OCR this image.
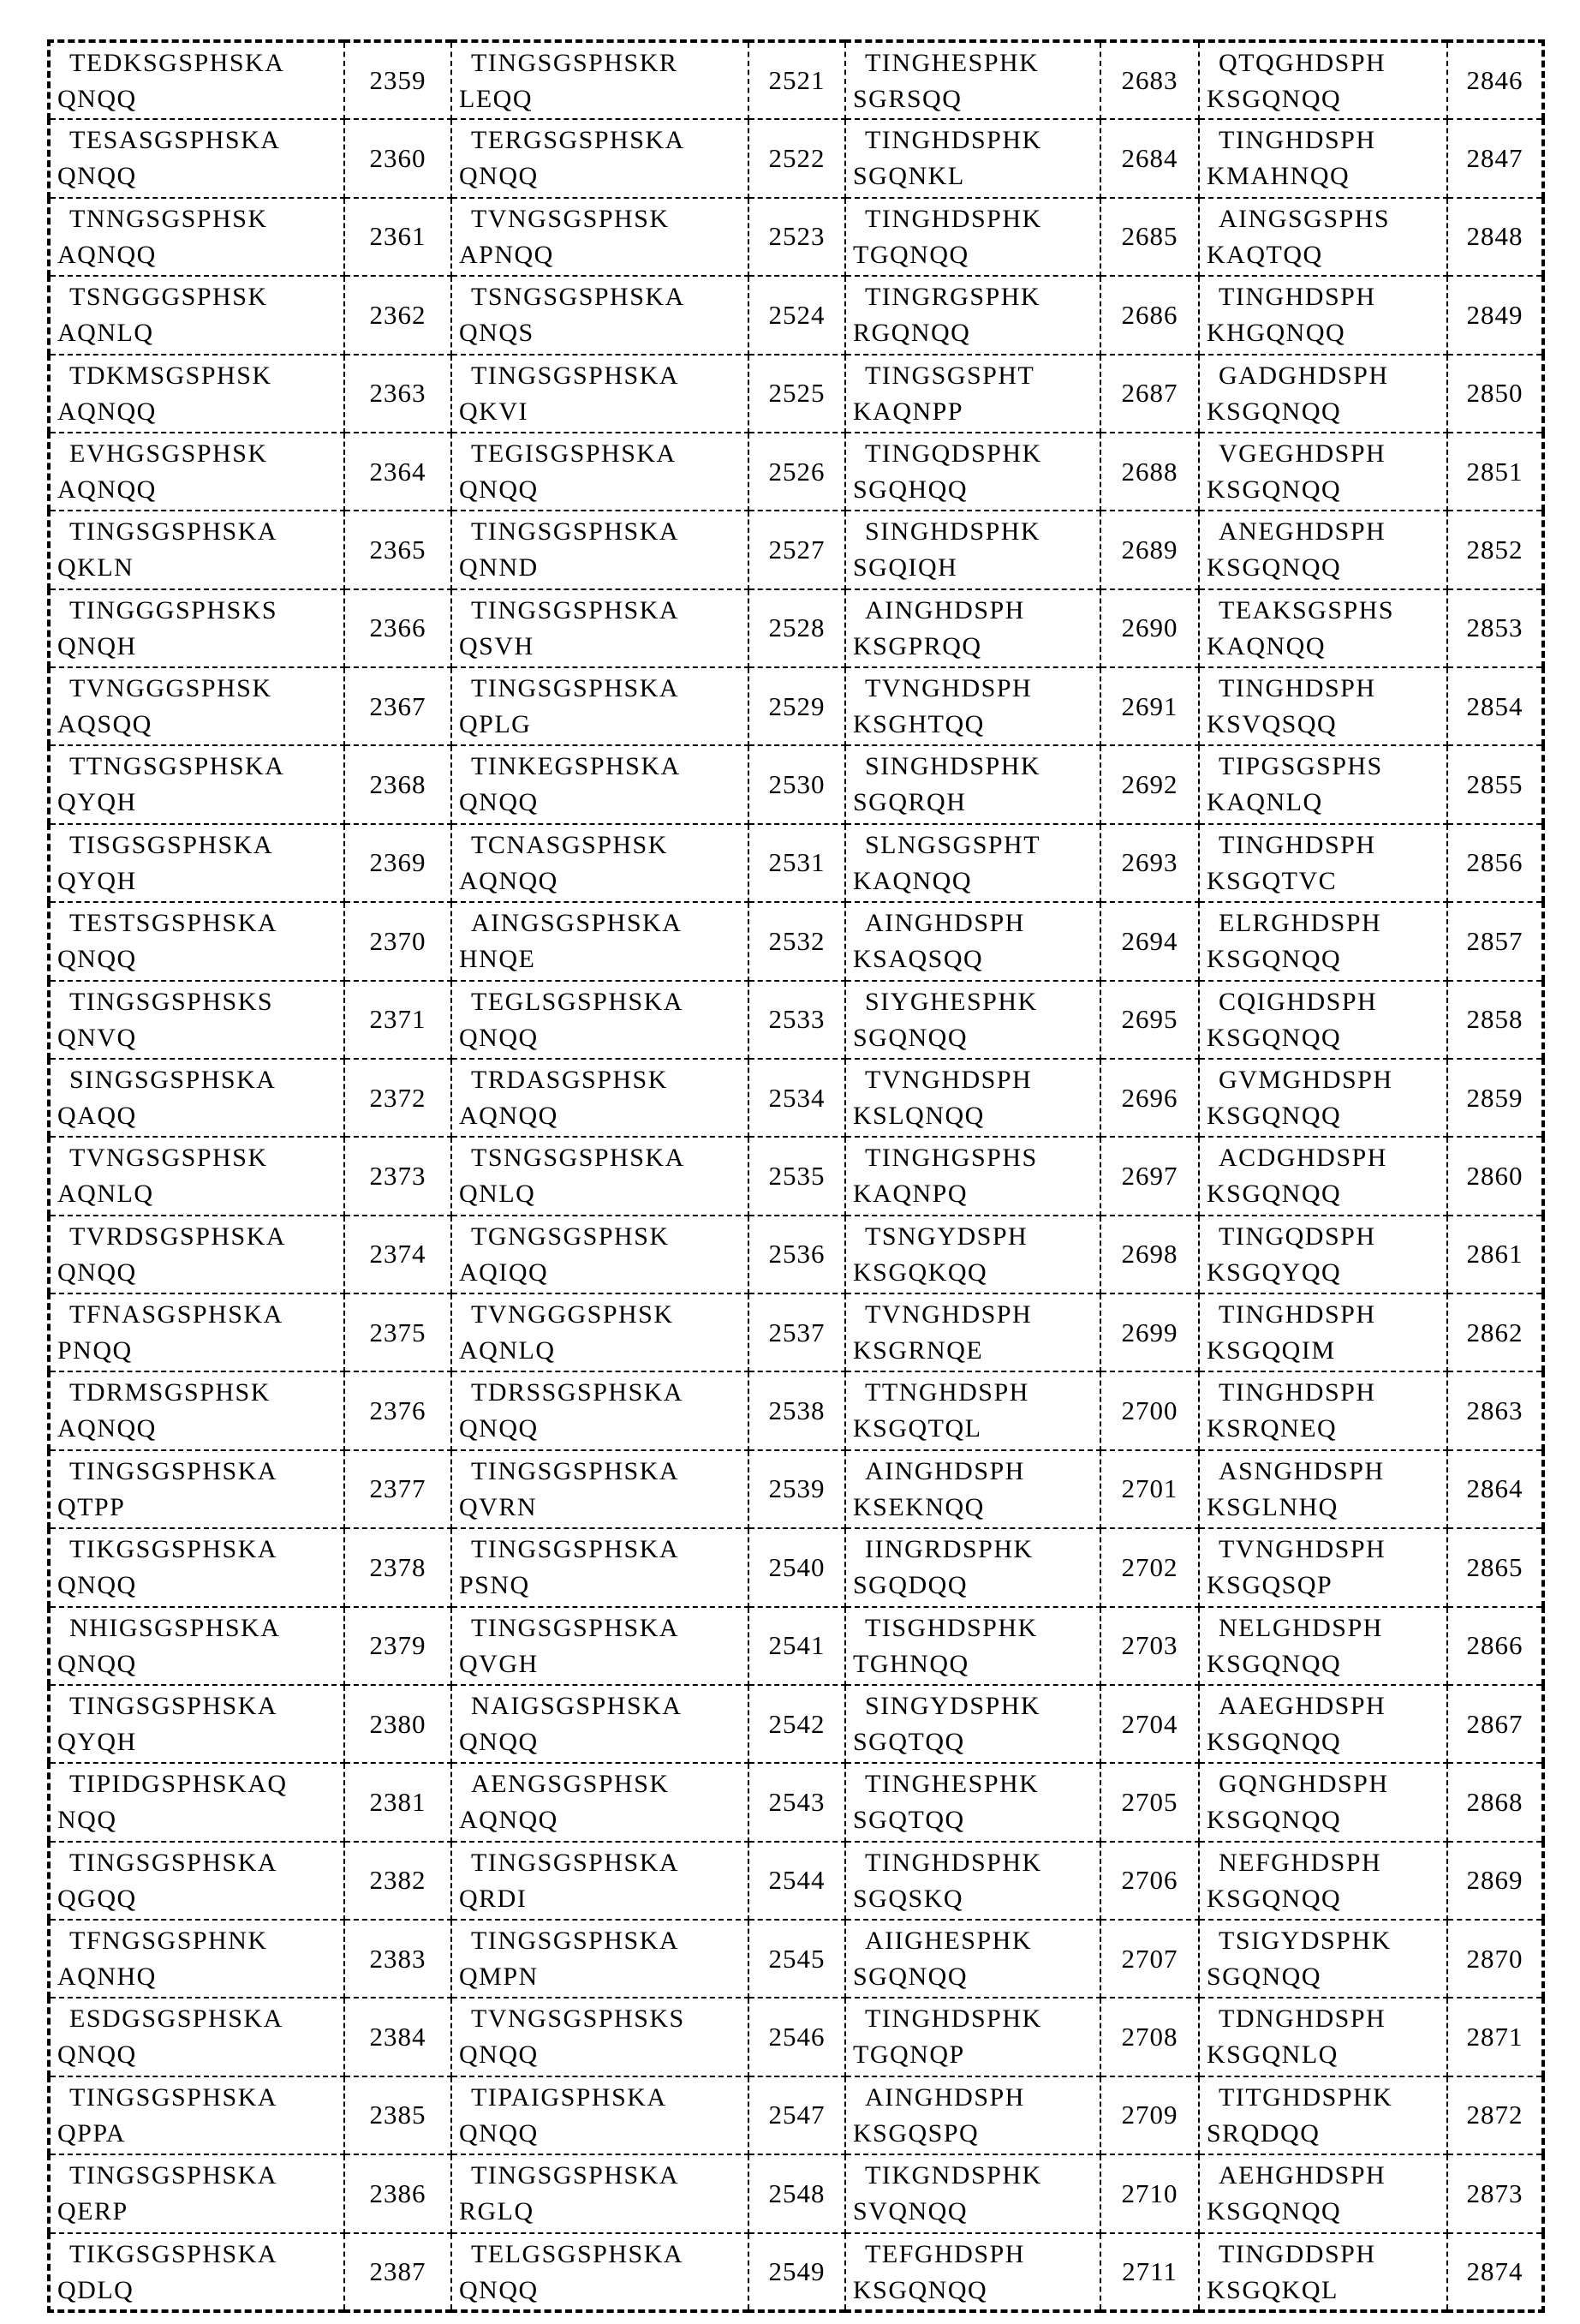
TEDKSGSPHSKA
QNQQ
	2359	
TINGSGSPHSKR
LEQQ
	2521	
TINGHESPHK
SGRSQQ
	2683	
QTQGHDSPH
KSGQNQQ
	2846

TESASGSPHSKA
QNQQ
	2360	
TERGSGSPHSKA
QNQQ
	2522	
TINGHDSPHK
SGQNKL
	2684	
TINGHDSPH
KMAHNQQ
	2847

TNNGSGSPHSK
AQNQQ
	2361	
TVNGSGSPHSK
APNQQ
	2523	
TINGHDSPHK
TGQNQQ
	2685	
AINGSGSPHS
KAQTQQ
	2848

TSNGGGSPHSK
AQNLQ
	2362	
TSNGSGSPHSKA
QNQS
	2524	
TINGRGSPHK
RGQNQQ
	2686	
TINGHDSPH
KHGQNQQ
	2849

TDKMSGSPHSK
AQNQQ
	2363	
TINGSGSPHSKA
QKVI
	2525	
TINGSGSPHT
KAQNPP
	2687	
GADGHDSPH
KSGQNQQ
	2850

EVHGSGSPHSK
AQNQQ
	2364	
TEGISGSPHSKA
QNQQ
	2526	
TINGQDSPHK
SGQHQQ
	2688	
VGEGHDSPH
KSGQNQQ
	2851

TINGSGSPHSKA
QKLN
	2365	
TINGSGSPHSKA
QNND
	2527	
SINGHDSPHK
SGQIQH
	2689	
ANEGHDSPH
KSGQNQQ
	2852

TINGGGSPHSKS
QNQH
	2366	
TINGSGSPHSKA
QSVH
	2528	
AINGHDSPH
KSGPRQQ
	2690	
TEAKSGSPHS
KAQNQQ
	2853

TVNGGGSPHSK
AQSQQ
	2367	
TINGSGSPHSKA
QPLG
	2529	
TVNGHDSPH
KSGHTQQ
	2691	
TINGHDSPH
KSVQSQQ
	2854

TTNGSGSPHSKA
QYQH
	2368	
TINKEGSPHSKA
QNQQ
	2530	
SINGHDSPHK
SGQRQH
	2692	
TIPGSGSPHS
KAQNLQ
	2855

TISGSGSPHSKA
QYQH
	2369	
TCNASGSPHSK
AQNQQ
	2531	
SLNGSGSPHT
KAQNQQ
	2693	
TINGHDSPH
KSGQTVC
	2856

TESTSGSPHSKA
QNQQ
	2370	
AINGSGSPHSKA
HNQE
	2532	
AINGHDSPH
KSAQSQQ
	2694	
ELRGHDSPH
KSGQNQQ
	2857

TINGSGSPHSKS
QNVQ
	2371	
TEGLSGSPHSKA
QNQQ
	2533	
SIYGHESPHK
SGQNQQ
	2695	
CQIGHDSPH
KSGQNQQ
	2858

SINGSGSPHSKA
QAQQ
	2372	
TRDASGSPHSK
AQNQQ
	2534	
TVNGHDSPH
KSLQNQQ
	2696	
GVMGHDSPH
KSGQNQQ
	2859

TVNGSGSPHSK
AQNLQ
	2373	
TSNGSGSPHSKA
QNLQ
	2535	
TINGHGSPHS
KAQNPQ
	2697	
ACDGHDSPH
KSGQNQQ
	2860

TVRDSGSPHSKA
QNQQ
	2374	
TGNGSGSPHSK
AQIQQ
	2536	
TSNGYDSPH
KSGQKQQ
	2698	
TINGQDSPH
KSGQYQQ
	2861

TFNASGSPHSKA
PNQQ
	2375	
TVNGGGSPHSK
AQNLQ
	2537	
TVNGHDSPH
KSGRNQE
	2699	
TINGHDSPH
KSGQQIM
	2862

TDRMSGSPHSK
AQNQQ
	2376	
TDRSSGSPHSKA
QNQQ
	2538	
TTNGHDSPH
KSGQTQL
	2700	
TINGHDSPH
KSRQNEQ
	2863

TINGSGSPHSKA
QTPP
	2377	
TINGSGSPHSKA
QVRN
	2539	
AINGHDSPH
KSEKNQQ
	2701	
ASNGHDSPH
KSGLNHQ
	2864

TIKGSGSPHSKA
QNQQ
	2378	
TINGSGSPHSKA
PSNQ
	2540	
IINGRDSPHK
SGQDQQ
	2702	
TVNGHDSPH
KSGQSQP
	2865

NHIGSGSPHSKA
QNQQ
	2379	
TINGSGSPHSKA
QVGH
	2541	
TISGHDSPHK
TGHNQQ
	2703	
NELGHDSPH
KSGQNQQ
	2866

TINGSGSPHSKA
QYQH
	2380	
NAIGSGSPHSKA
QNQQ
	2542	
SINGYDSPHK
SGQTQQ
	2704	
AAEGHDSPH
KSGQNQQ
	2867

TIPIDGSPHSKAQ
NQQ
	2381	
AENGSGSPHSK
AQNQQ
	2543	
TINGHESPHK
SGQTQQ
	2705	
GQNGHDSPH
KSGQNQQ
	2868

TINGSGSPHSKA
QGQQ
	2382	
TINGSGSPHSKA
QRDI
	2544	
TINGHDSPHK
SGQSKQ
	2706	
NEFGHDSPH
KSGQNQQ
	2869

TFNGSGSPHNK
AQNHQ
	2383	
TINGSGSPHSKA
QMPN
	2545	
AIIGHESPHK
SGQNQQ
	2707	
TSIGYDSPHK
SGQNQQ
	2870

ESDGSGSPHSKA
QNQQ
	2384	
TVNGSGSPHSKS
QNQQ
	2546	
TINGHDSPHK
TGQNQP
	2708	
TDNGHDSPH
KSGQNLQ
	2871

TINGSGSPHSKA
QPPA
	2385	
TIPAIGSPHSKA
QNQQ
	2547	
AINGHDSPH
KSGQSPQ
	2709	
TITGHDSPHK
SRQDQQ
	2872

TINGSGSPHSKA
QERP
	2386	
TINGSGSPHSKA
RGLQ
	2548	
TIKGNDSPHK
SVQNQQ
	2710	
AEHGHDSPH
KSGQNQQ
	2873

TIKGSGSPHSKA
QDLQ
	2387	
TELGSGSPHSKA
QNQQ
	2549	
TEFGHDSPH
KSGQNQQ
	2711	
TINGDDSPH
KSGQKQL
	2874
